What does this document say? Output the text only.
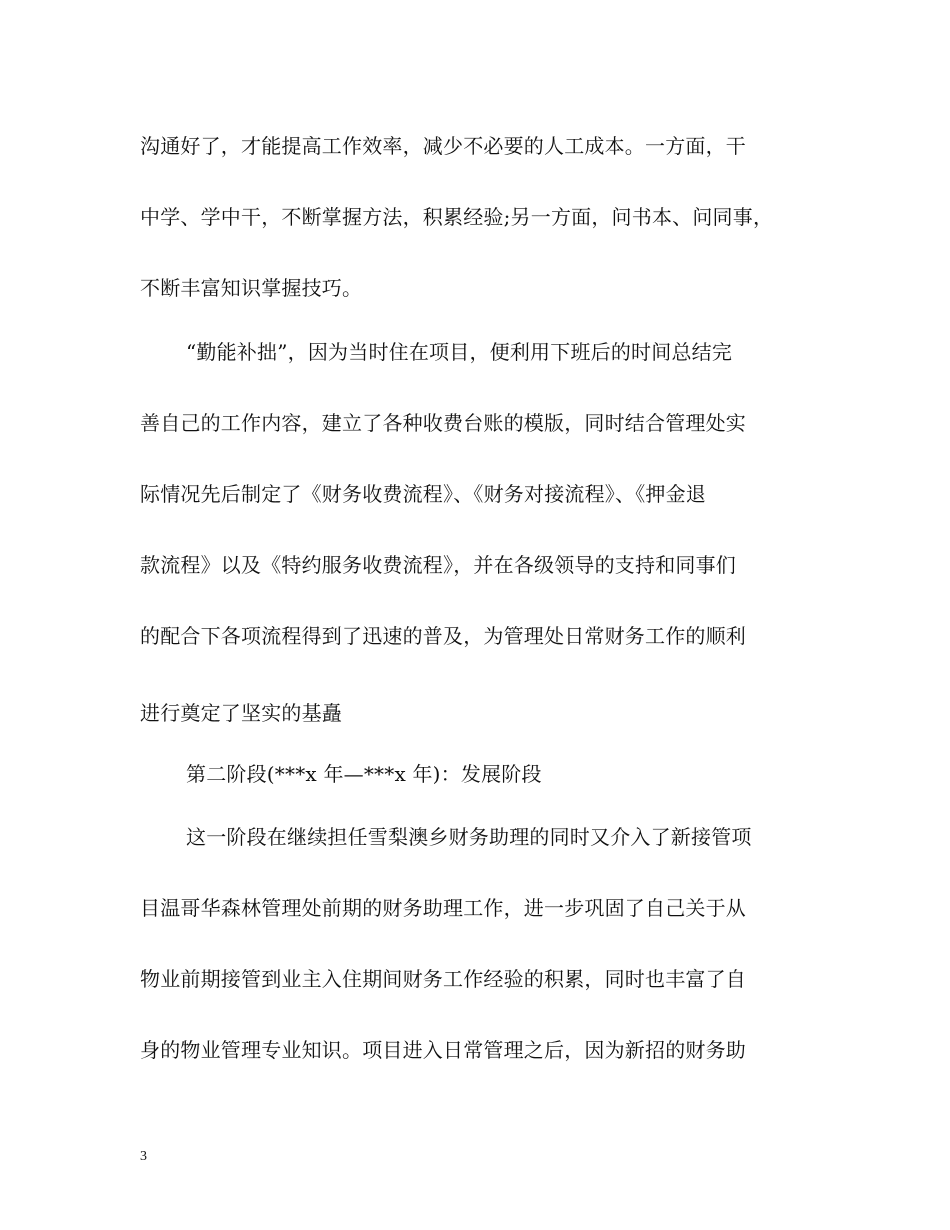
沟通好了，才能提高工作效率，减少不必要的人工成本。一方面，干
中学、学中干，不断掌握方法，积累经验;另一方面，问书本、问同事，
不断丰富知识掌握技巧。
“勤能补拙”，因为当时住在项目，便利用下班后的时间总结完
善自己的工作内容，建立了各种收费台账的模版，同时结合管理处实
际情况先后制定了《财务收费流程》、《财务对接流程》、《押金退
款流程》以及《特约服务收费流程》，并在各级领导的支持和同事们
的配合下各项流程得到了迅速的普及，为管理处日常财务工作的顺利
进行奠定了坚实的基矗
第二阶段(***x 年—***x 年)：发展阶段
这一阶段在继续担任雪梨澳乡财务助理的同时又介入了新接管项
目温哥华森林管理处前期的财务助理工作，进一步巩固了自己关于从
物业前期接管到业主入住期间财务工作经验的积累，同时也丰富了自
身的物业管理专业知识。项目进入日常管理之后，因为新招的财务助
3
